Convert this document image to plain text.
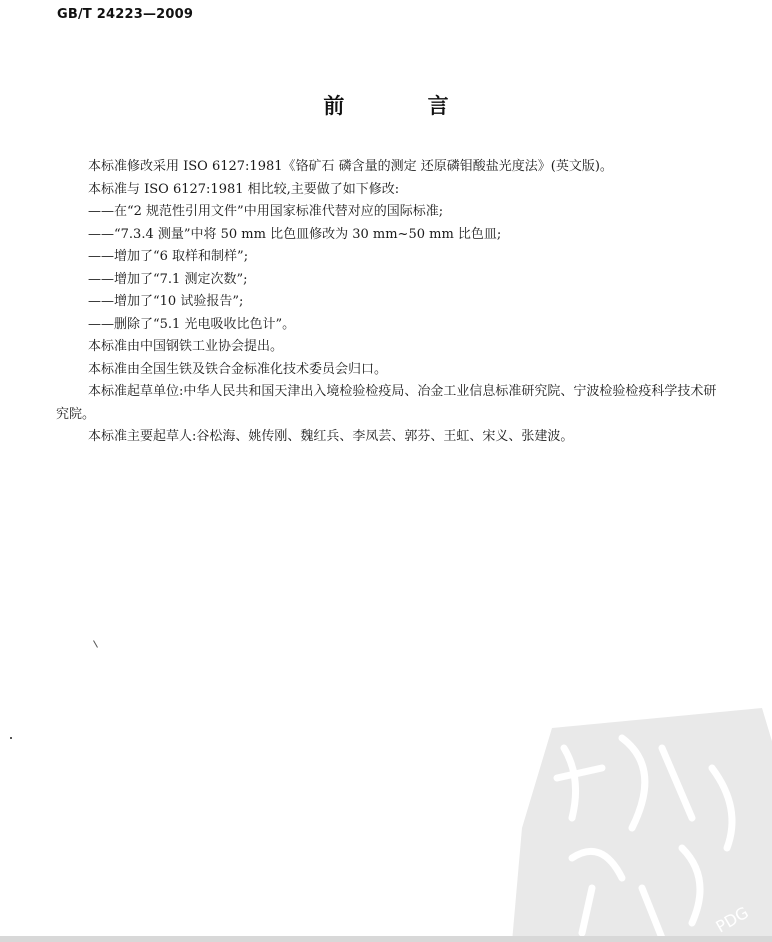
GB/T 24223—2009
前 言

本标准修改采用 ISO 6127:1981《铬矿石 磷含量的测定 还原磷钼酸盐光度法》(英文版)。

本标准与 ISO 6127:1981 相比较,主要做了如下修改:

——在“2 规范性引用文件”中用国家标准代替对应的国际标准;

——“7.3.4 测量”中将 50 mm 比色皿修改为 30 mm~50 mm 比色皿;

——增加了“6 取样和制样”;

——增加了“7.1 测定次数”;

——增加了“10 试验报告”;

——删除了“5.1 光电吸收比色计”。

本标准由中国钢铁工业协会提出。

本标准由全国生铁及铁合金标准化技术委员会归口。

本标准起草单位:中华人民共和国天津出入境检验检疫局、冶金工业信息标准研究院、宁波检验检疫科学技术研究院。

本标准主要起草人:谷松海、姚传刚、魏红兵、李凤芸、郭芬、王虹、宋义、张建波。

PDG
